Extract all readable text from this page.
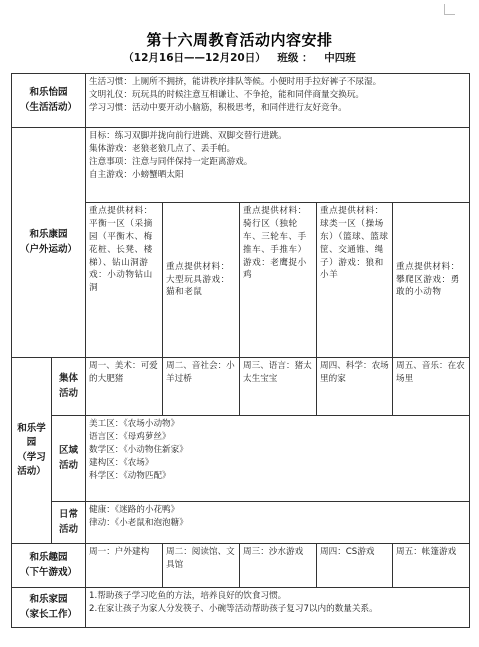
第十六周教育活动内容安排
（12月16日——12月20日） 班级 ： 中四班
和乐怡园
（生活活动）		生活习惯：上厕所不拥挤，能讲秩序排队等候。小便时用手拉好裤子不尿湿。
文明礼仪：玩玩具的时候注意互相谦让、不争抢，能和同伴商量交换玩。
学习习惯：活动中要开动小脑筋，积极思考，和同伴进行友好竞争。				

和乐康园
（户外运动）		目标：练习双脚并拢向前行进跳、双脚交替行进跳。
集体游戏：老狼老狼几点了、丢手帕。
注意事项：注意与同伴保持一定距离游戏。
自主游戏：小螃蟹晒太阳				

		重点提供材料：平衡一区（采摘园（平衡木、梅花桩、长凳、楼梯）、钻山洞游戏：小动物钻山洞	重点提供材料：大型玩具游戏：猫和老鼠	重点提供材料：骑行区（独轮车、三轮车、手推车、手推车）游戏：老鹰捉小鸡	重点提供材料：球类一区（操场东）（篮球、篮球筐、交通锥、绳子）游戏：狼和小羊	重点提供材料：攀爬区游戏：勇敢的小动物

和乐学园
（学习活动）	集体活动	周一、美术：可爱的大肥猪	周二、音社会：小羊过桥	周三、语言：猪太太生宝宝	周四、科学：农场里的家	周五、音乐：在农场里
	区域活动	美工区：《农场小动物》
语言区：《母鸡萝丝》
数学区：《小动物住新家》
建构区：《农场》
科学区：《动物匹配》				

	日常活动	健康：《迷路的小花鸭》
律动：《小老鼠和泡泡糖》				

和乐趣园
（下午游戏）		周一：户外建构	周二：阅读馆、文具馆	周三：沙水游戏	周四：CS游戏	周五：帐篷游戏

和乐家园
（家长工作）		1.帮助孩子学习吃鱼的方法，培养良好的饮食习惯。
2.在家让孩子为家人分发筷子、小碗等活动帮助孩子复习7以内的数量关系。				
